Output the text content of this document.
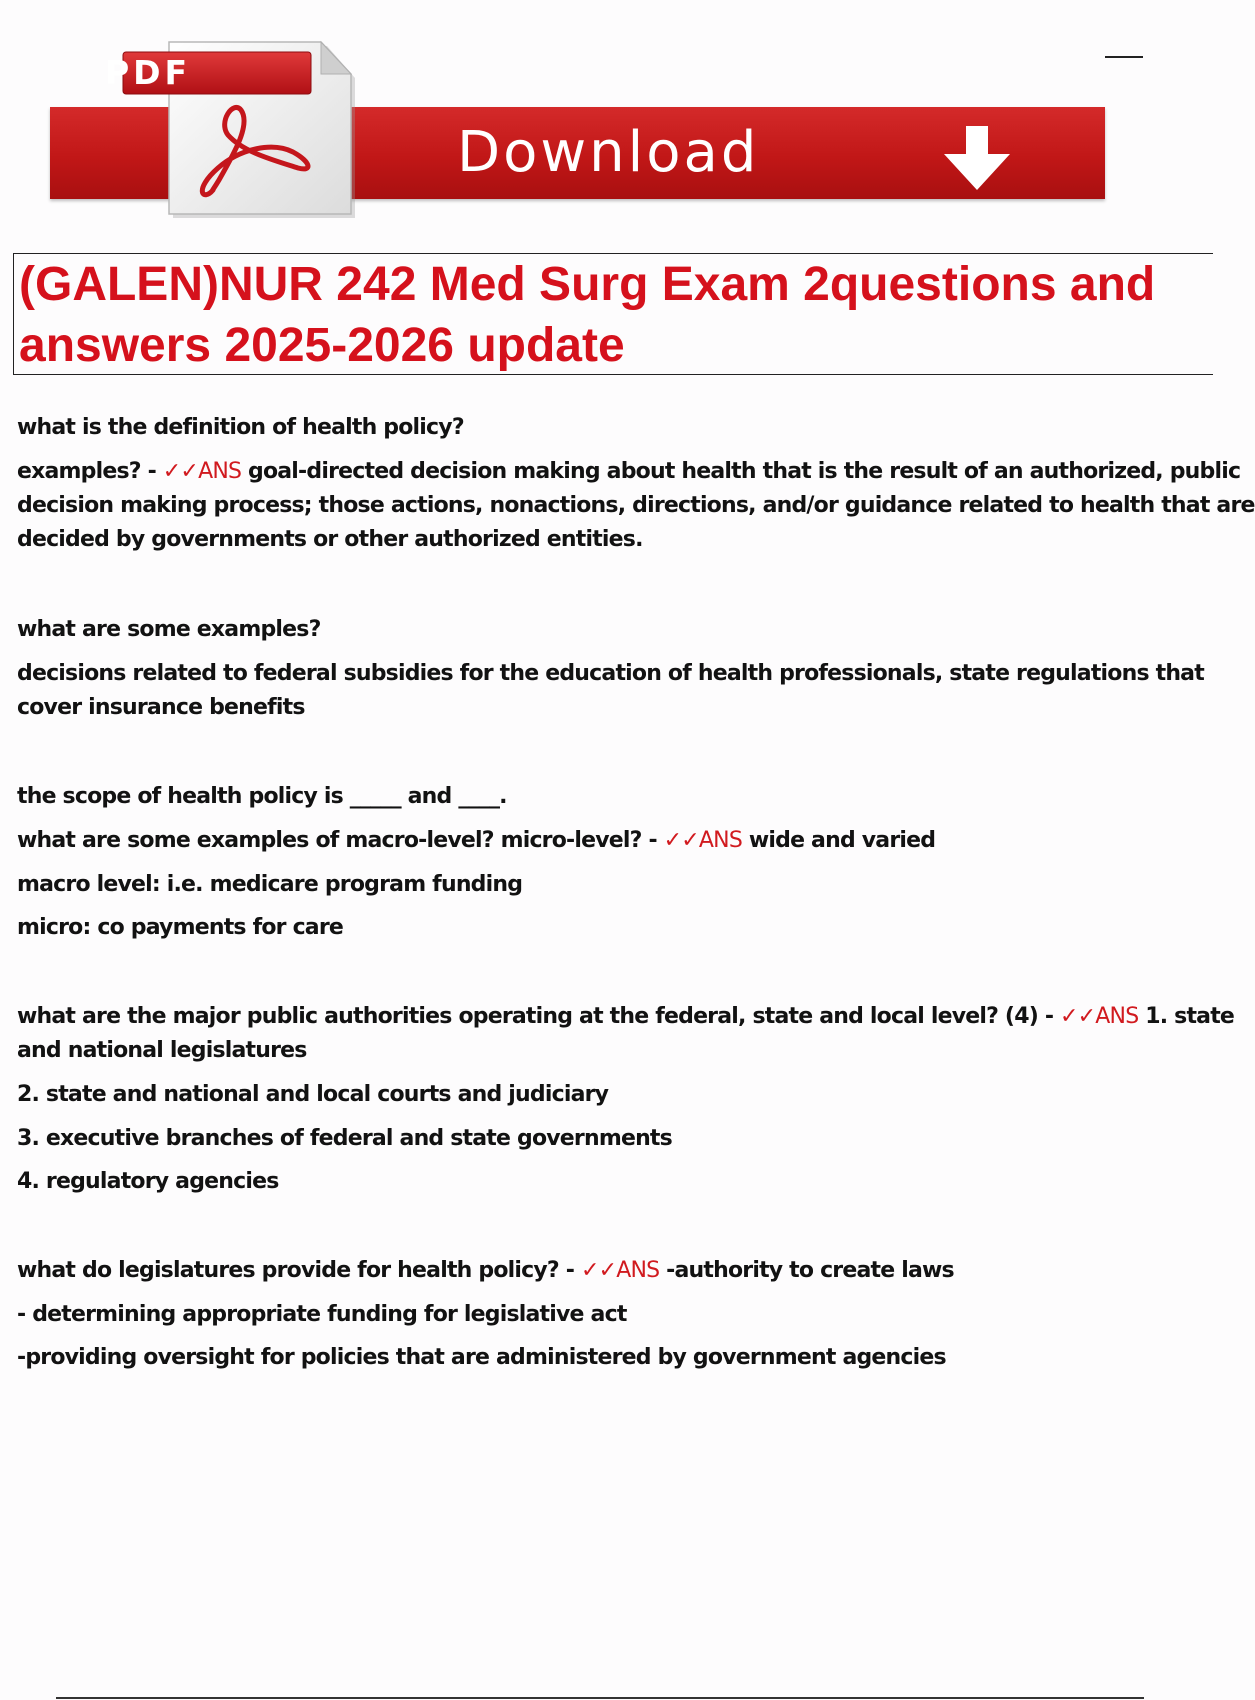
PDF
Download
(GALEN)NUR 242 Med Surg Exam 2questions and
answers 2025-2026 update
what is the definition of health policy?
examples? - ✓✓ANS goal-directed decision making about health that is the result of an authorized, public
decision making process; those actions, nonactions, directions, and/or guidance related to health that are
decided by governments or other authorized entities.
what are some examples?
decisions related to federal subsidies for the education of health professionals, state regulations that
cover insurance benefits
the scope of health policy is _____ and ____.
what are some examples of macro-level? micro-level? - ✓✓ANS wide and varied
macro level: i.e. medicare program funding
micro: co payments for care
what are the major public authorities operating at the federal, state and local level? (4) - ✓✓ANS 1. state
and national legislatures
2. state and national and local courts and judiciary
3. executive branches of federal and state governments
4. regulatory agencies
what do legislatures provide for health policy? - ✓✓ANS -authority to create laws
- determining appropriate funding for legislative act
-providing oversight for policies that are administered by government agencies
